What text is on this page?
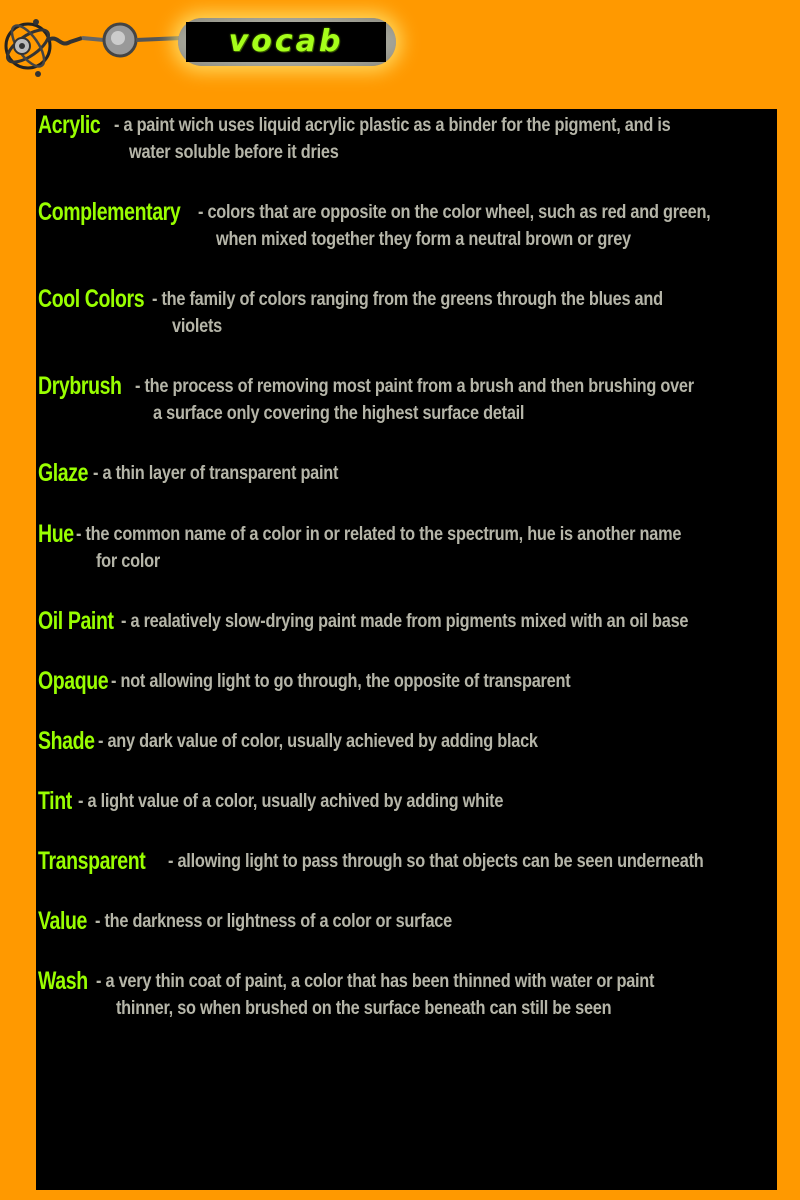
vocab
Acrylic - a paint wich uses liquid acrylic plastic as a binder for the pigment, and is
water soluble before it dries
Complementary - colors that are opposite on the color wheel, such as red and green,
when mixed together they form a neutral brown or grey
Cool Colors - the family of colors ranging from the greens through the blues and
violets
Drybrush - the process of removing most paint from a brush and then brushing over
a surface only covering the highest surface detail
Glaze - a thin layer of transparent paint
Hue - the common name of a color in or related to the spectrum, hue is another name
for color
Oil Paint - a realatively slow-drying paint made from pigments mixed with an oil base
Opaque - not allowing light to go through, the opposite of transparent
Shade - any dark value of color, usually achieved by adding black
Tint - a light value of a color, usually achived by adding white
Transparent - allowing light to pass through so that objects can be seen underneath
Value - the darkness or lightness of a color or surface
Wash - a very thin coat of paint, a color that has been thinned with water or paint
thinner, so when brushed on the surface beneath can still be seen
